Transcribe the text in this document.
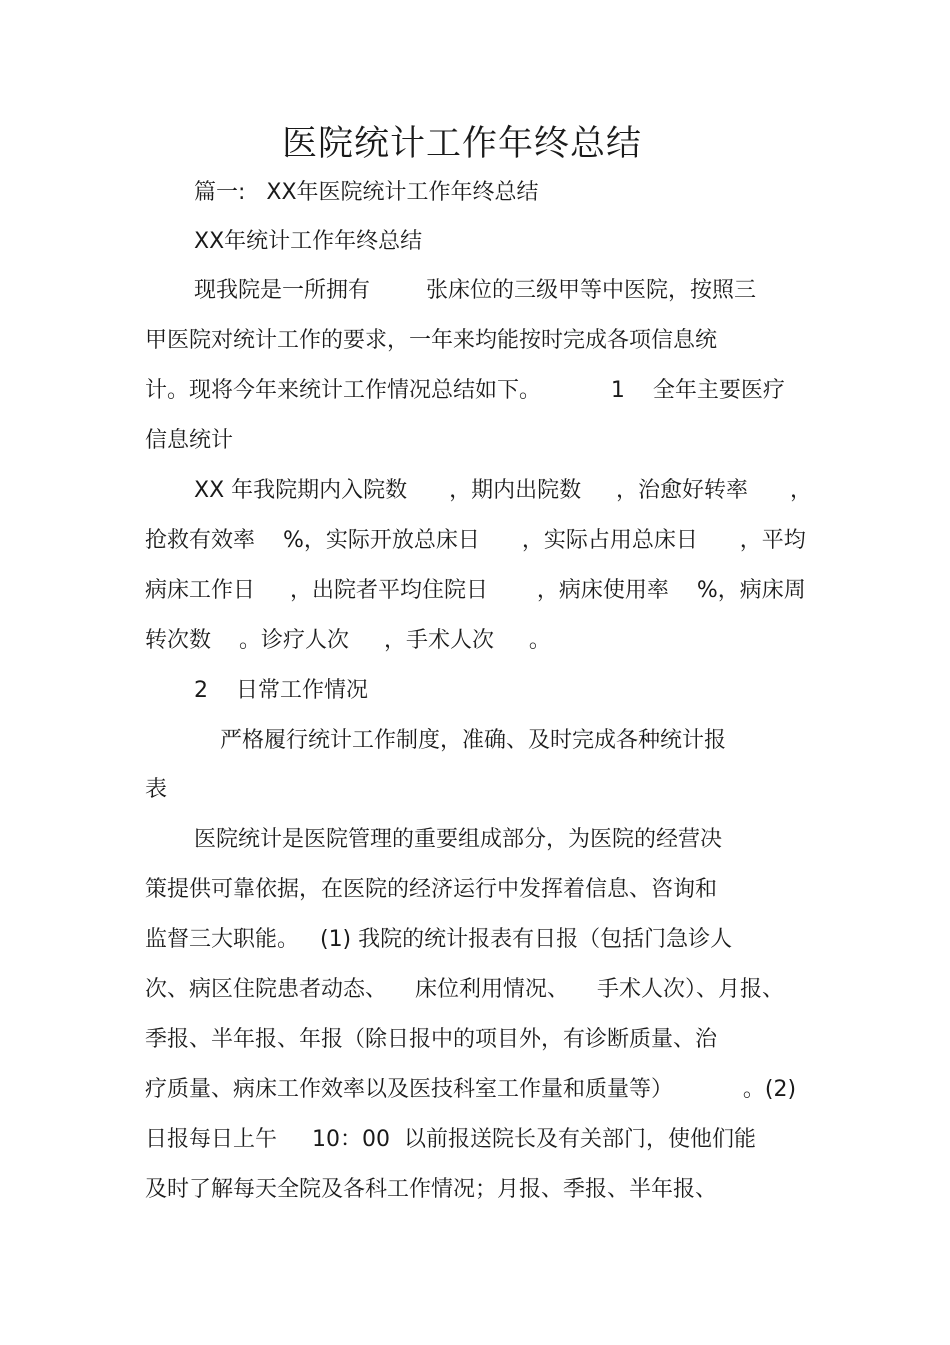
医院统计工作年终总结
篇一:   XX年医院统计工作年终总结
XX年统计工作年终总结
现我院是一所拥有        张床位的三级甲等中医院，按照三
甲医院对统计工作的要求，一年来均能按时完成各项信息统
计。现将今年来统计工作情况总结如下。          1    全年主要医疗
信息统计
XX 年我院期内入院数      ，期内出院数     ，治愈好转率      ，
抢救有效率    %，实际开放总床日      ，实际占用总床日      ，平均
病床工作日     ，出院者平均住院日       ，病床使用率    %，病床周
转次数    。诊疗人次     ，手术人次     。
2    日常工作情况
严格履行统计工作制度，准确、及时完成各种统计报
表
医院统计是医院管理的重要组成部分，为医院的经营决
策提供可靠依据，在医院的经济运行中发挥着信息、咨询和
监督三大职能。   (1) 我院的统计报表有日报（包括门急诊人
次、病区住院患者动态、    床位利用情况、    手术人次）、月报、
季报、半年报、年报（除日报中的项目外，有诊断质量、治
疗质量、病床工作效率以及医技科室工作量和质量等）          。(2)
日报每日上午     10：00  以前报送院长及有关部门，使他们能
及时了解每天全院及各科工作情况；月报、季报、半年报、
